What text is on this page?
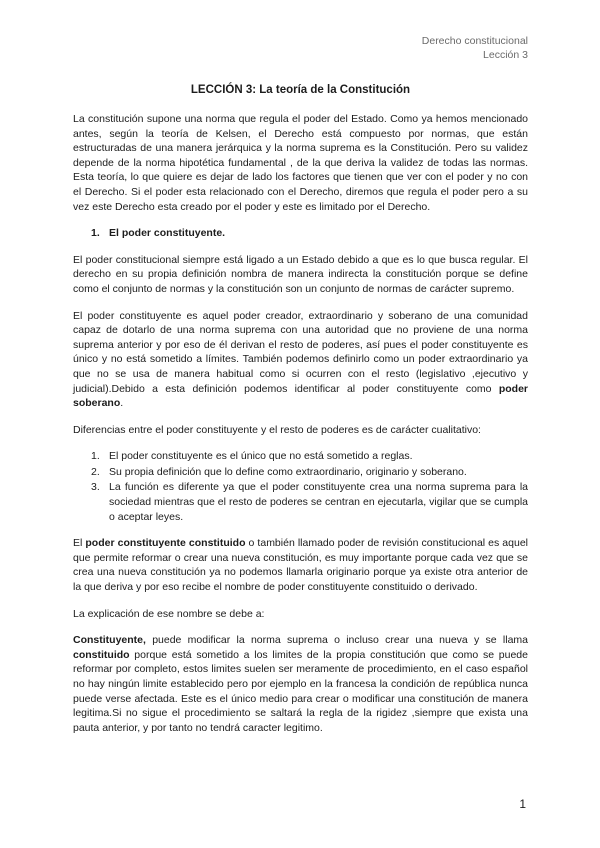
Derecho constitucional
Lección 3
LECCIÓN 3: La teoría de la Constitución

La constitución supone una norma que regula el poder del Estado. Como ya hemos mencionado antes, según la teoría de Kelsen, el Derecho está compuesto por normas, que están estructuradas de una manera jerárquica y la norma suprema es la Constitución. Pero su validez depende de la norma hipotética fundamental , de la que deriva la validez de todas las normas. Esta teoría, lo que quiere es dejar de lado los factores que tienen que ver con el poder y no con el Derecho. Si el poder esta relacionado con el Derecho, diremos que regula el poder pero a su vez este Derecho esta creado por el poder y este es limitado por el Derecho.

1. El poder constituyente.

El poder constitucional siempre está ligado a un Estado debido a que es lo que busca regular. El derecho en su propia definición nombra de manera indirecta la constitución porque se define como el conjunto de normas y la constitución son un conjunto de normas de carácter supremo.

El poder constituyente es aquel poder creador, extraordinario y soberano de una comunidad capaz de dotarlo de una norma suprema con una autoridad que no proviene de una norma suprema anterior y por eso de él derivan el resto de poderes, así pues el poder constituyente es único y no está sometido a límites. También podemos definirlo como un poder extraordinario ya que no se usa de manera habitual como si ocurren con el resto (legislativo ,ejecutivo y judicial).Debido a esta definición podemos identificar al poder constituyente como poder soberano.

Diferencias entre el poder constituyente y el resto de poderes es de carácter cualitativo:

1. El poder constituyente es el único que no está sometido a reglas.
2. Su propia definición que lo define como extraordinario, originario y soberano.
3. La función es diferente ya que el poder constituyente crea una norma suprema para la sociedad mientras que el resto de poderes se centran en ejecutarla, vigilar que se cumpla o aceptar leyes.

El poder constituyente constituido o también llamado poder de revisión constitucional es aquel que permite reformar o crear una nueva constitución, es muy importante porque cada vez que se crea una nueva constitución ya no podemos llamarla originario porque ya existe otra anterior de la que deriva y por eso recibe el nombre de poder constituyente constituido o derivado.

La explicación de ese nombre se debe a:

Constituyente, puede modificar la norma suprema o incluso crear una nueva y se llama constituido porque está sometido a los limites de la propia constitución que como se puede reformar por completo, estos limites suelen ser meramente de procedimiento, en el caso español no hay ningún limite establecido pero por ejemplo en la francesa la condición de república nunca puede verse afectada. Este es el único medio para crear o modificar una constitución de manera legitima.Si no sigue el procedimiento se saltará la regla de la rigidez ,siempre que exista una pauta anterior, y por tanto no tendrá caracter legitimo.

1
